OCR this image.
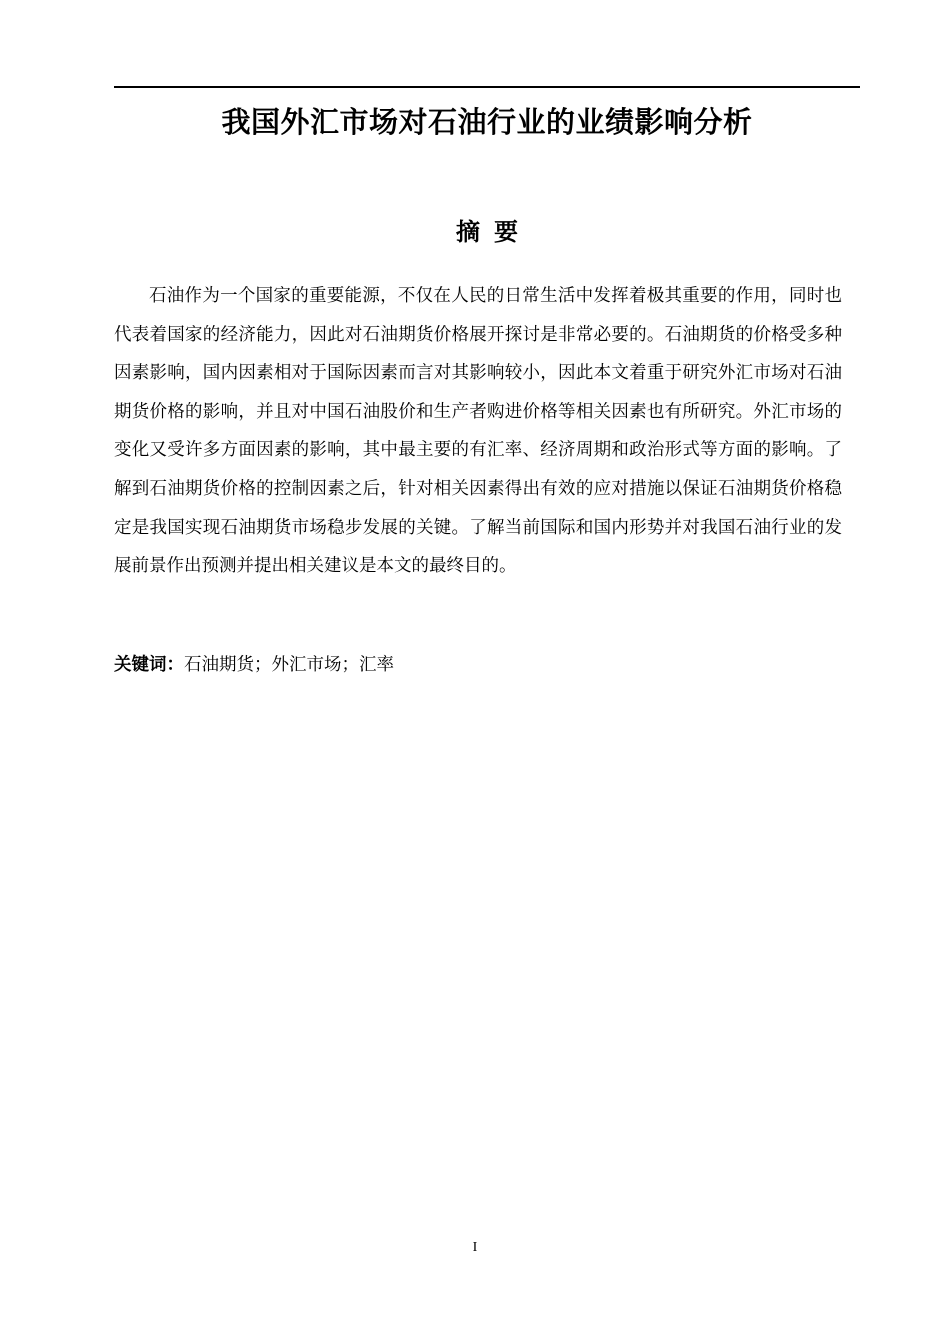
我国外汇市场对石油行业的业绩影响分析
摘要

石油作为一个国家的重要能源，不仅在人民的日常生活中发挥着极其重要的作用，同时也代表着国家的经济能力，因此对石油期货价格展开探讨是非常必要的。石油期货的价格受多种因素影响，国内因素相对于国际因素而言对其影响较小，因此本文着重于研究外汇市场对石油期货价格的影响，并且对中国石油股价和生产者购进价格等相关因素也有所研究。外汇市场的变化又受许多方面因素的影响，其中最主要的有汇率、经济周期和政治形式等方面的影响。了解到石油期货价格的控制因素之后，针对相关因素得出有效的应对措施以保证石油期货价格稳定是我国实现石油期货市场稳步发展的关键。了解当前国际和国内形势并对我国石油行业的发展前景作出预测并提出相关建议是本文的最终目的。

关键词：石油期货；外汇市场；汇率

I
